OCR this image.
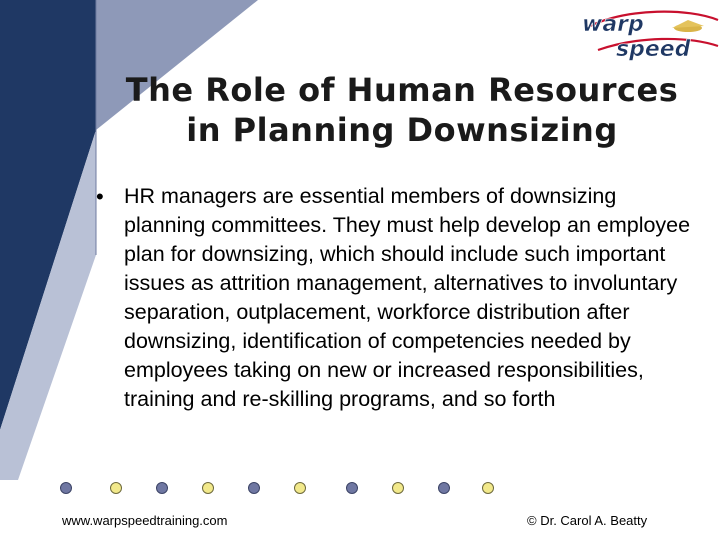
warp
speed
The Role of Human Resources
in Planning Downsizing
• HR managers are essential members of downsizing planning committees. They must help develop an employee plan for downsizing, which should include such important issues as attrition management, alternatives to involuntary separation, outplacement, workforce distribution after downsizing, identification of competencies needed by employees taking on new or increased responsibilities, training and re-skilling programs, and so forth
www.warpspeedtraining.com	© Dr. Carol A. Beatty
